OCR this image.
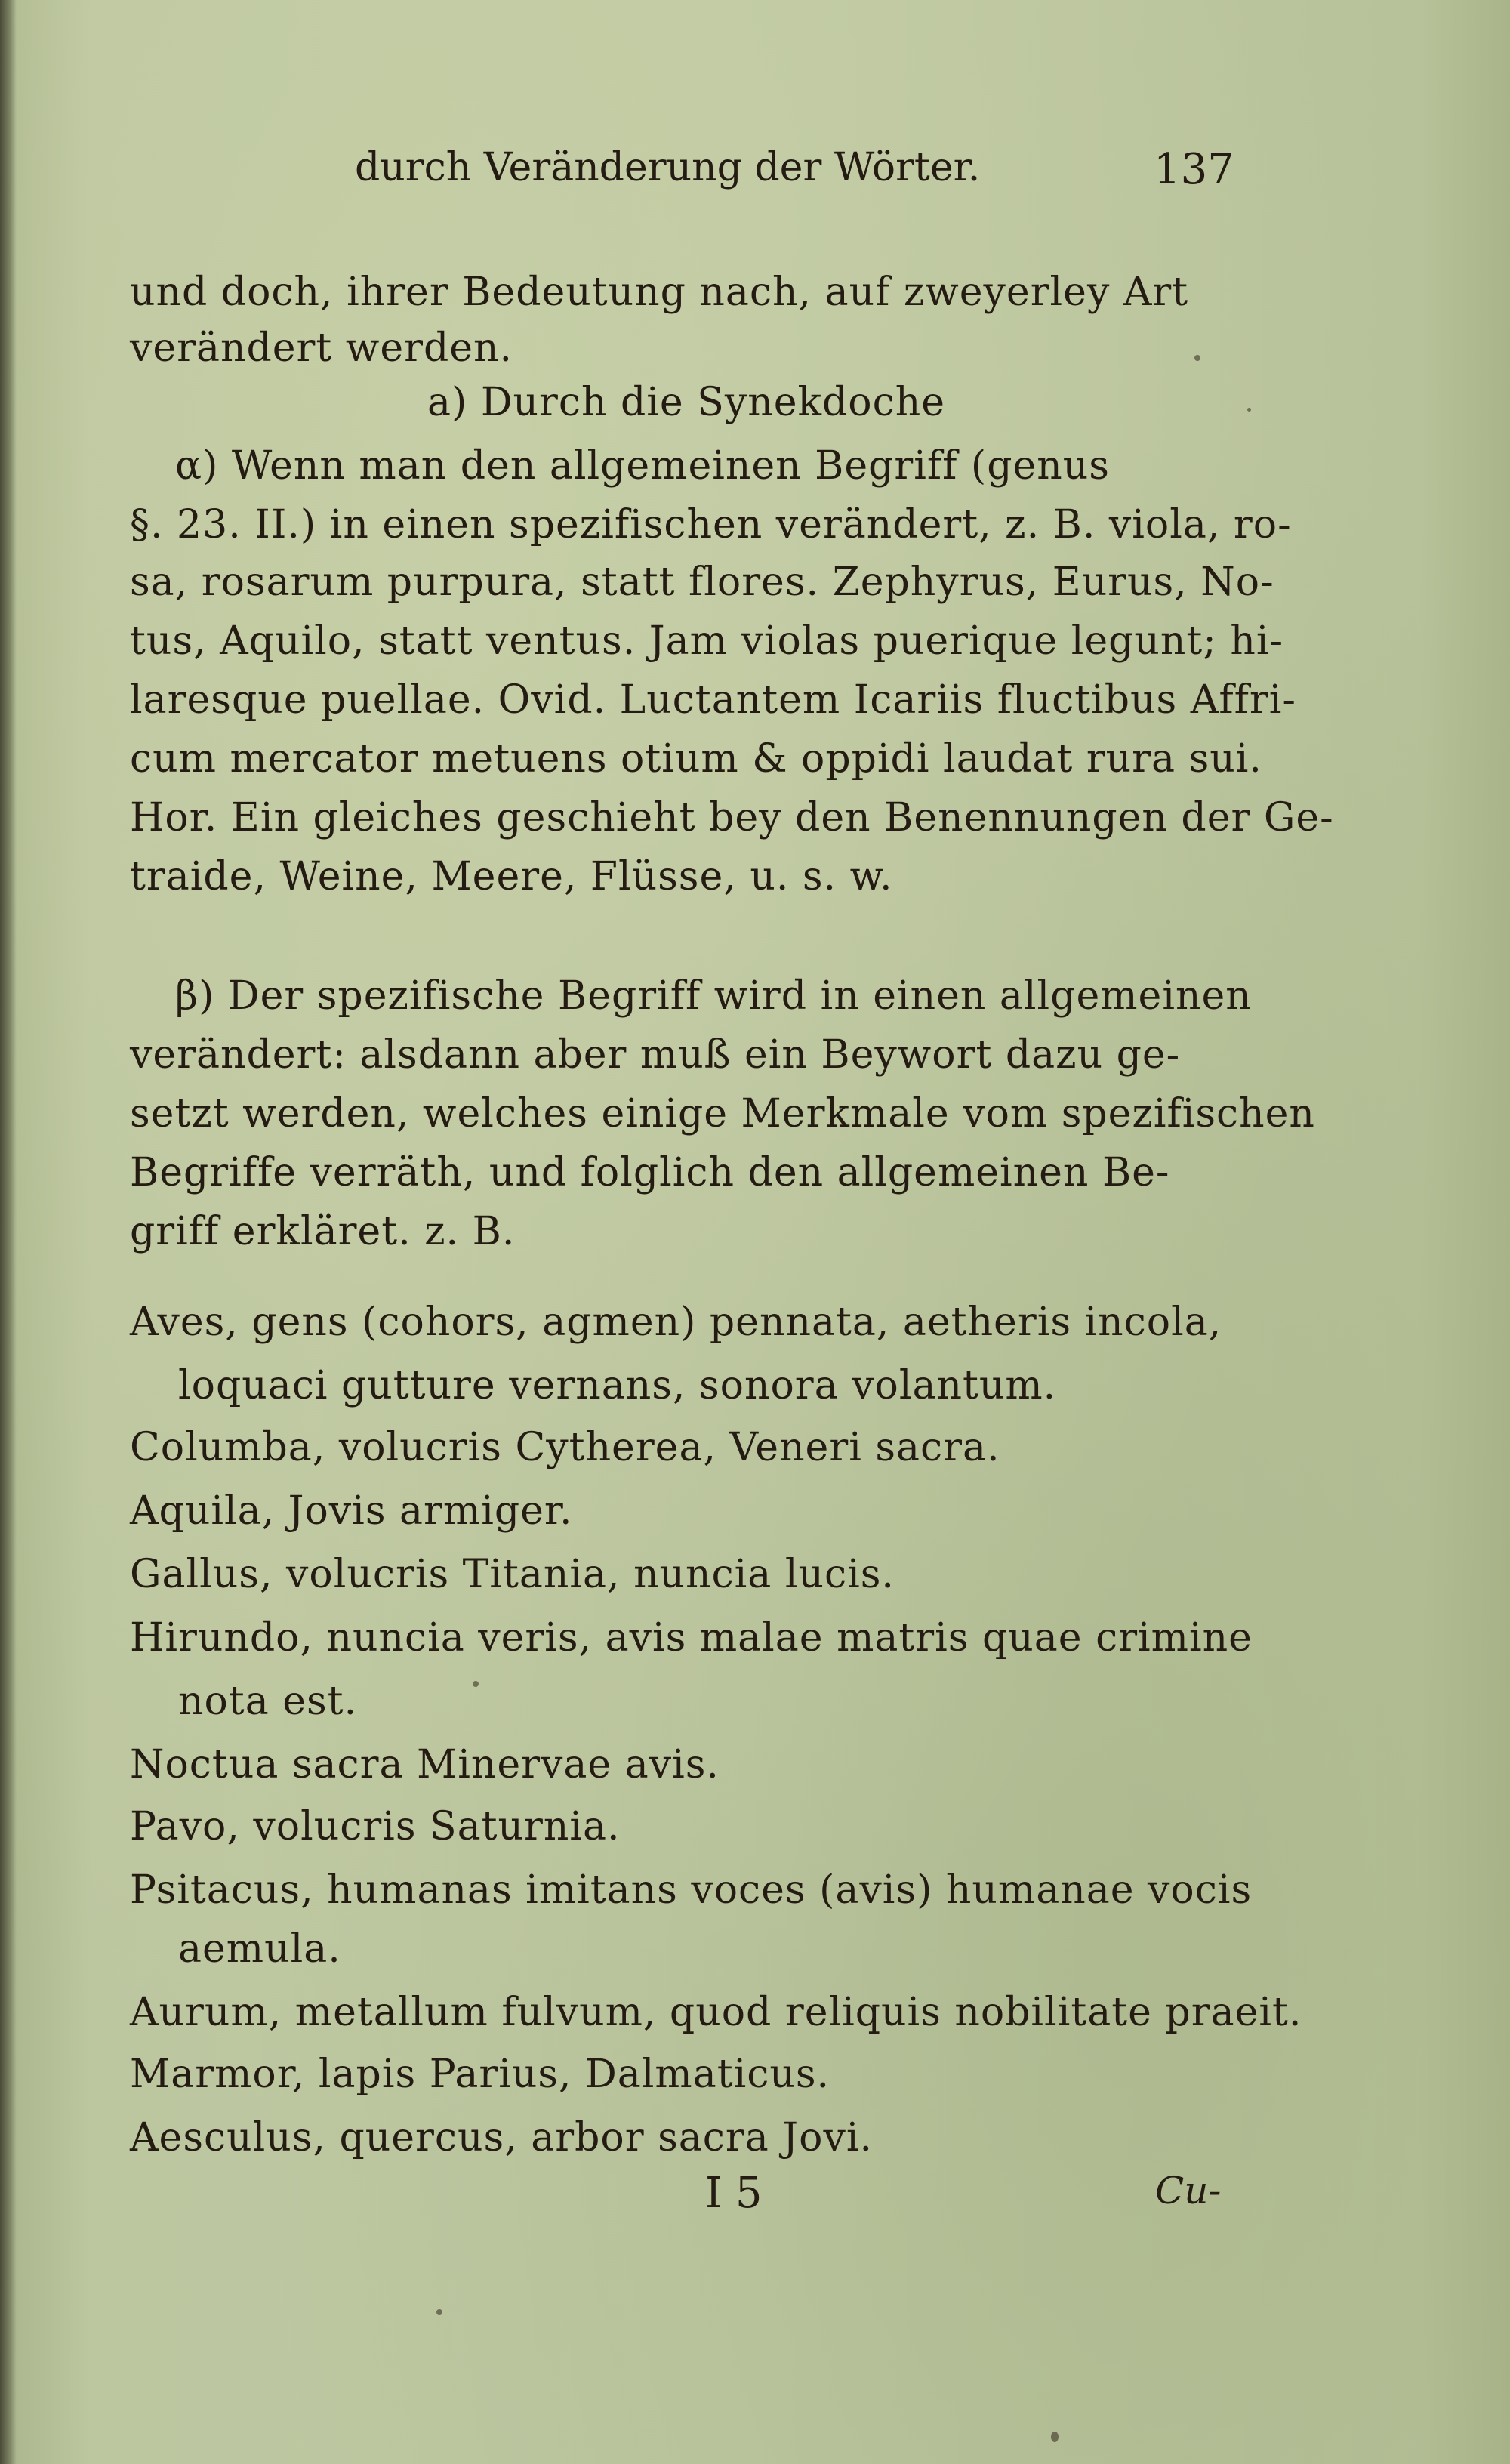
durch Veränderung der Wörter.	137
und doch, ihrer Bedeutung nach, auf zweyerley Art
verändert werden.
a) Durch die Synekdoche
α) Wenn man den allgemeinen Begriff (genus
§. 23. II.) in einen spezifischen verändert, z. B. viola, ro-
sa, rosarum purpura, statt flores. Zephyrus, Eurus, No-
tus, Aquilo, statt ventus. Jam violas puerique legunt; hi-
laresque puellae. Ovid. Luctantem Icariis fluctibus Affri-
cum mercator metuens otium & oppidi laudat rura sui.
Hor. Ein gleiches geschieht bey den Benennungen der Ge-
traide, Weine, Meere, Flüsse, u. s. w.
β) Der spezifische Begriff wird in einen allgemeinen
verändert: alsdann aber muß ein Beywort dazu ge-
setzt werden, welches einige Merkmale vom spezifischen
Begriffe verräth, und folglich den allgemeinen Be-
griff erkläret. z. B.
Aves, gens (cohors, agmen) pennata, aetheris incola,
loquaci gutture vernans, sonora volantum.
Columba, volucris Cytherea, Veneri sacra.
Aquila, Jovis armiger.
Gallus, volucris Titania, nuncia lucis.
Hirundo, nuncia veris, avis malae matris quae crimine
nota est.
Noctua sacra Minervae avis.
Pavo, volucris Saturnia.
Psitacus, humanas imitans voces (avis) humanae vocis
aemula.
Aurum, metallum fulvum, quod reliquis nobilitate praeit.
Marmor, lapis Parius, Dalmaticus.
Aesculus, quercus, arbor sacra Jovi.
I 5	Cu-
